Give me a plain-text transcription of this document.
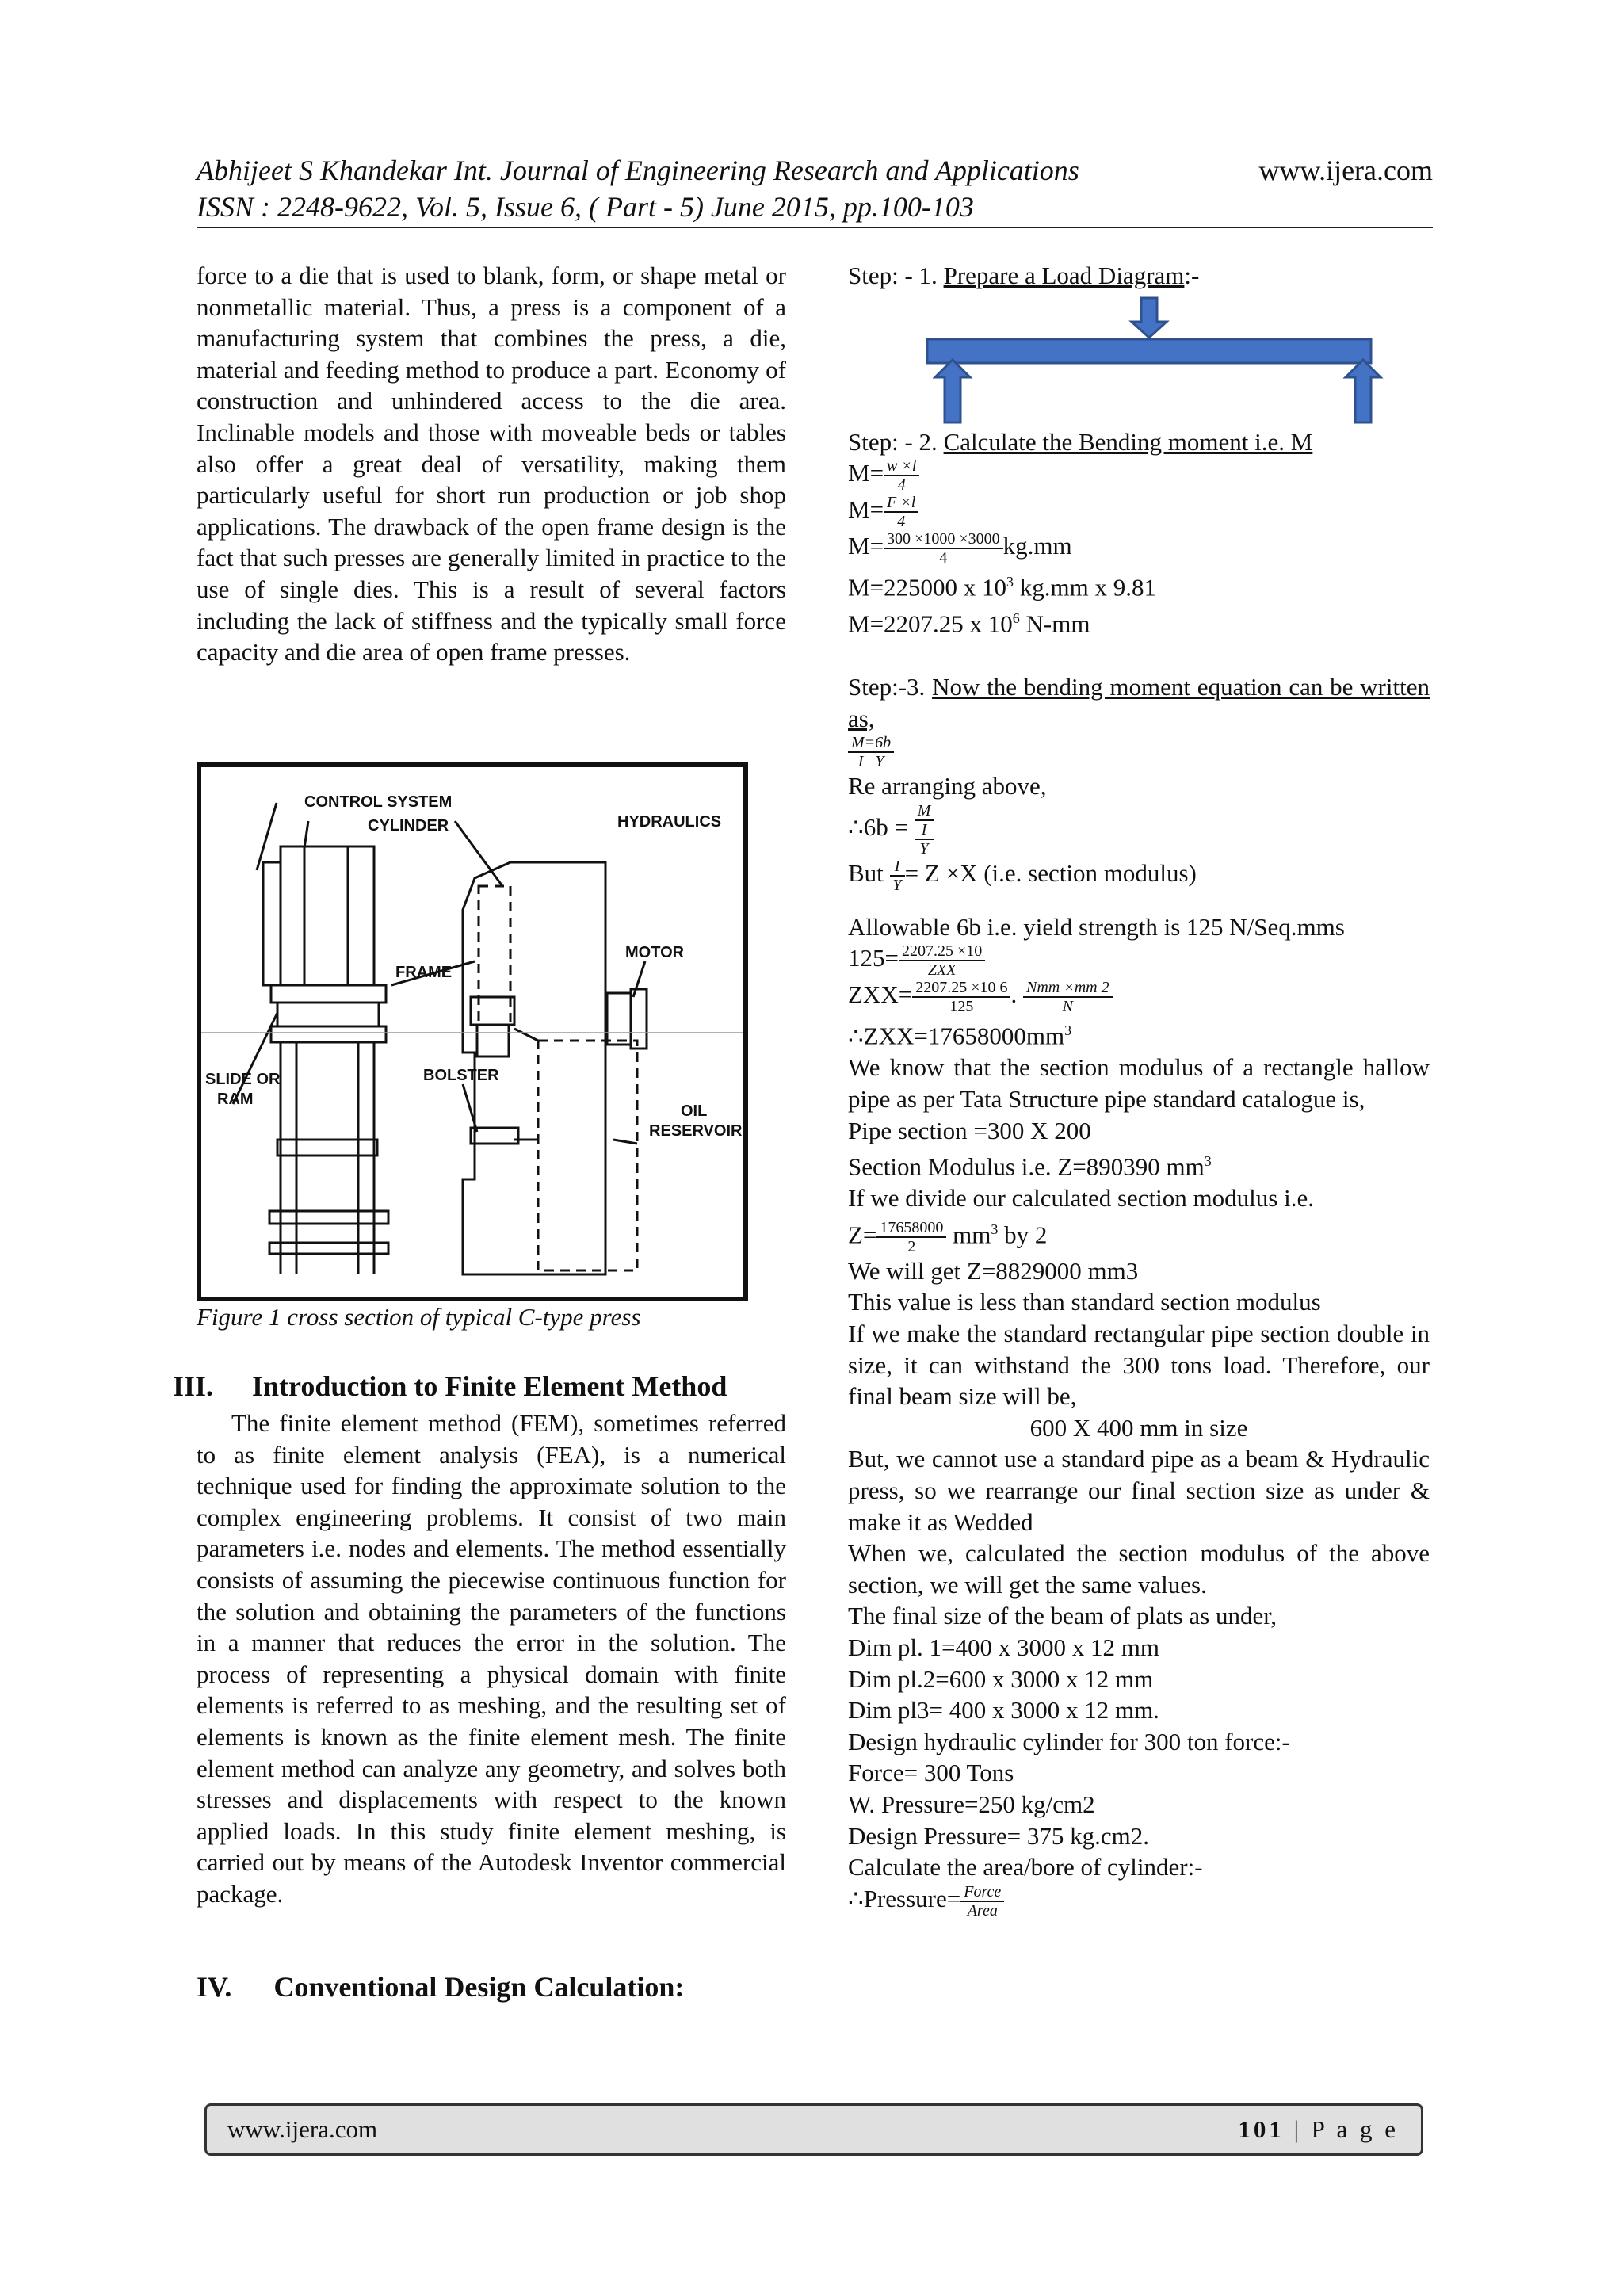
Abhijeet S Khandekar Int. Journal of Engineering Research and Applications
ISSN : 2248-9622, Vol. 5, Issue 6, ( Part - 5) June 2015, pp.100-103
www.ijera.com

force to a die that is used to blank, form, or shape metal or nonmetallic material. Thus, a press is a component of a manufacturing system that combines the press, a die, material and feeding method to produce a part. Economy of construction and unhindered access to the die area. Inclinable models and those with moveable beds or tables also offer a great deal of versatility, making them particularly useful for short run production or job shop applications. The drawback of the open frame design is the fact that such presses are generally limited in practice to the use of single dies. This is a result of several factors including the lack of stiffness and the typically small force capacity and die area of open frame presses.

CONTROL SYSTEM
CYLINDER	HYDRAULICS
FRAME
MOTOR
SLIDE OR
RAM
BOLSTER
OIL
RESERVOIR
Figure 1 cross section of typical C-type press
III. Introduction to Finite Element Method
The finite element method (FEM), sometimes referred to as finite element analysis (FEA), is a numerical technique used for finding the approximate solution to the complex engineering problems. It consist of two main parameters i.e. nodes and elements. The method essentially consists of assuming the piecewise continuous function for the solution and obtaining the parameters of the functions in a manner that reduces the error in the solution. The process of representing a physical domain with finite elements is referred to as meshing, and the resulting set of elements is known as the finite element mesh. The finite element method can analyze any geometry, and solves both stresses and displacements with respect to the known applied loads. In this study finite element meshing, is carried out by means of the Autodesk Inventor commercial package.
IV. Conventional Design Calculation:

Step: - 1. Prepare a Load Diagram:-

Step: - 2. Calculate the Bending moment i.e. M

$M= \frac{w \times l}{4}$

$M= \frac{F \times l}{4}$

$M= \frac{300 \times 1000 \times 3000}{4} kg.mm$

M=225000 x $10^3$ kg.mm x 9.81

M=2207.25 x $10^6$ N-mm

Step:-3. Now the bending moment equation can be written as,

$\frac{M=6b}{\text{I Y}}$

Re arranging above,

∴6b =
M
I
Y

But $\frac{I}{Y} = Z \times X$ (i.e. section modulus)

Allowable 6b i.e. yield strength is 125 N/Seq.mms

$125= \frac{2207.25 \times 10}{\text{ZXX}}$

$ZXX= \frac{2207.25 \times 10 6}{125}$ . $\frac{\text{Nmm ×mm 2}}{N}$

$\therefore ZXX=17658000mm^3$

We know that the section modulus of a rectangle hallow pipe as per Tata Structure pipe standard catalogue is,

Pipe section =300 X 200

Section Modulus i.e. Z=890390 $mm^3$

If we divide our calculated section modulus i.e.

$Z= \frac{17658000}{2} mm^3$ by 2

We will get Z=8829000 mm3

This value is less than standard section modulus

If we make the standard rectangular pipe section double in size, it can withstand the 300 tons load. Therefore, our final beam size will be,

600 X 400 mm in size

But, we cannot use a standard pipe as a beam & Hydraulic press, so we rearrange our final section size as under & make it as Wedded

When we, calculated the section modulus of the above section, we will get the same values.

The final size of the beam of plats as under,

Dim pl. 1=400 x 3000 x 12 mm

Dim pl.2=600 x 3000 x 12 mm

Dim pl3= 400 x 3000 x 12 mm.

Design hydraulic cylinder for 300 ton force:-

Force= 300 Tons

W. Pressure=250 kg/cm2

Design Pressure= 375 kg.cm2.

Calculate the area/bore of cylinder:-

∴Pressure= $\frac{\text{Force}}{\text{Area}}$

www.ijera.com	101 | P a g e
